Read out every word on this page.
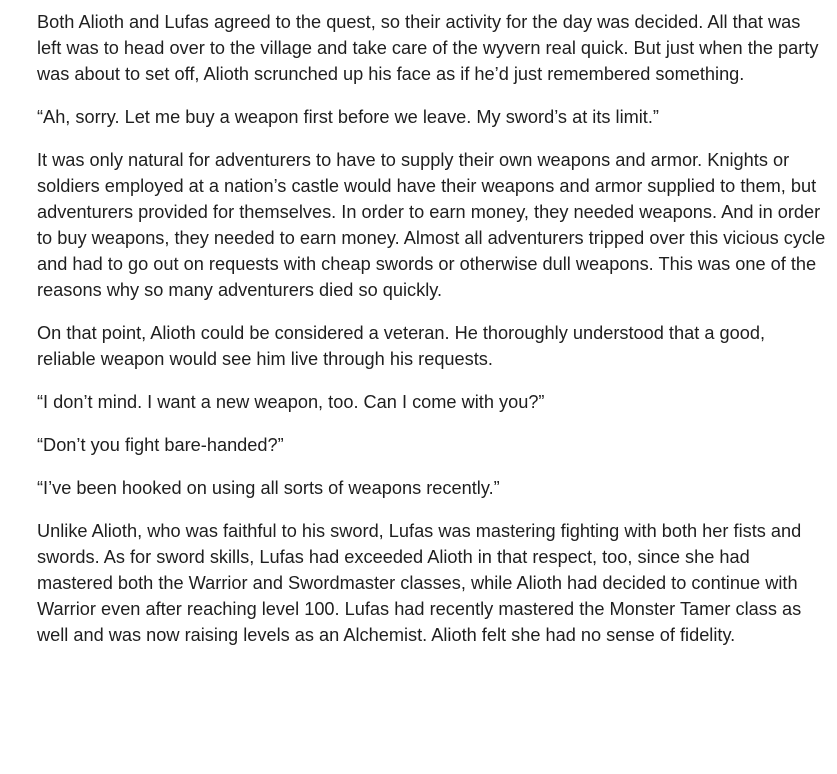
Both Alioth and Lufas agreed to the quest, so their activity for the day was decided. All that was left was to head over to the village and take care of the wyvern real quick. But just when the party was about to set off, Alioth scrunched up his face as if he’d just remembered something.

“Ah, sorry. Let me buy a weapon first before we leave. My sword’s at its limit.”

It was only natural for adventurers to have to supply their own weapons and armor. Knights or soldiers employed at a nation’s castle would have their weapons and armor supplied to them, but adventurers provided for themselves. In order to earn money, they needed weapons. And in order to buy weapons, they needed to earn money. Almost all adventurers tripped over this vicious cycle and had to go out on requests with cheap swords or otherwise dull weapons. This was one of the reasons why so many adventurers died so quickly.

On that point, Alioth could be considered a veteran. He thoroughly understood that a good, reliable weapon would see him live through his requests.

“I don’t mind. I want a new weapon, too. Can I come with you?”

“Don’t you fight bare-handed?”

“I’ve been hooked on using all sorts of weapons recently.”

Unlike Alioth, who was faithful to his sword, Lufas was mastering fighting with both her fists and swords. As for sword skills, Lufas had exceeded Alioth in that respect, too, since she had mastered both the Warrior and Swordmaster classes, while Alioth had decided to continue with Warrior even after reaching level 100. Lufas had recently mastered the Monster Tamer class as well and was now raising levels as an Alchemist. Alioth felt she had no sense of fidelity.
